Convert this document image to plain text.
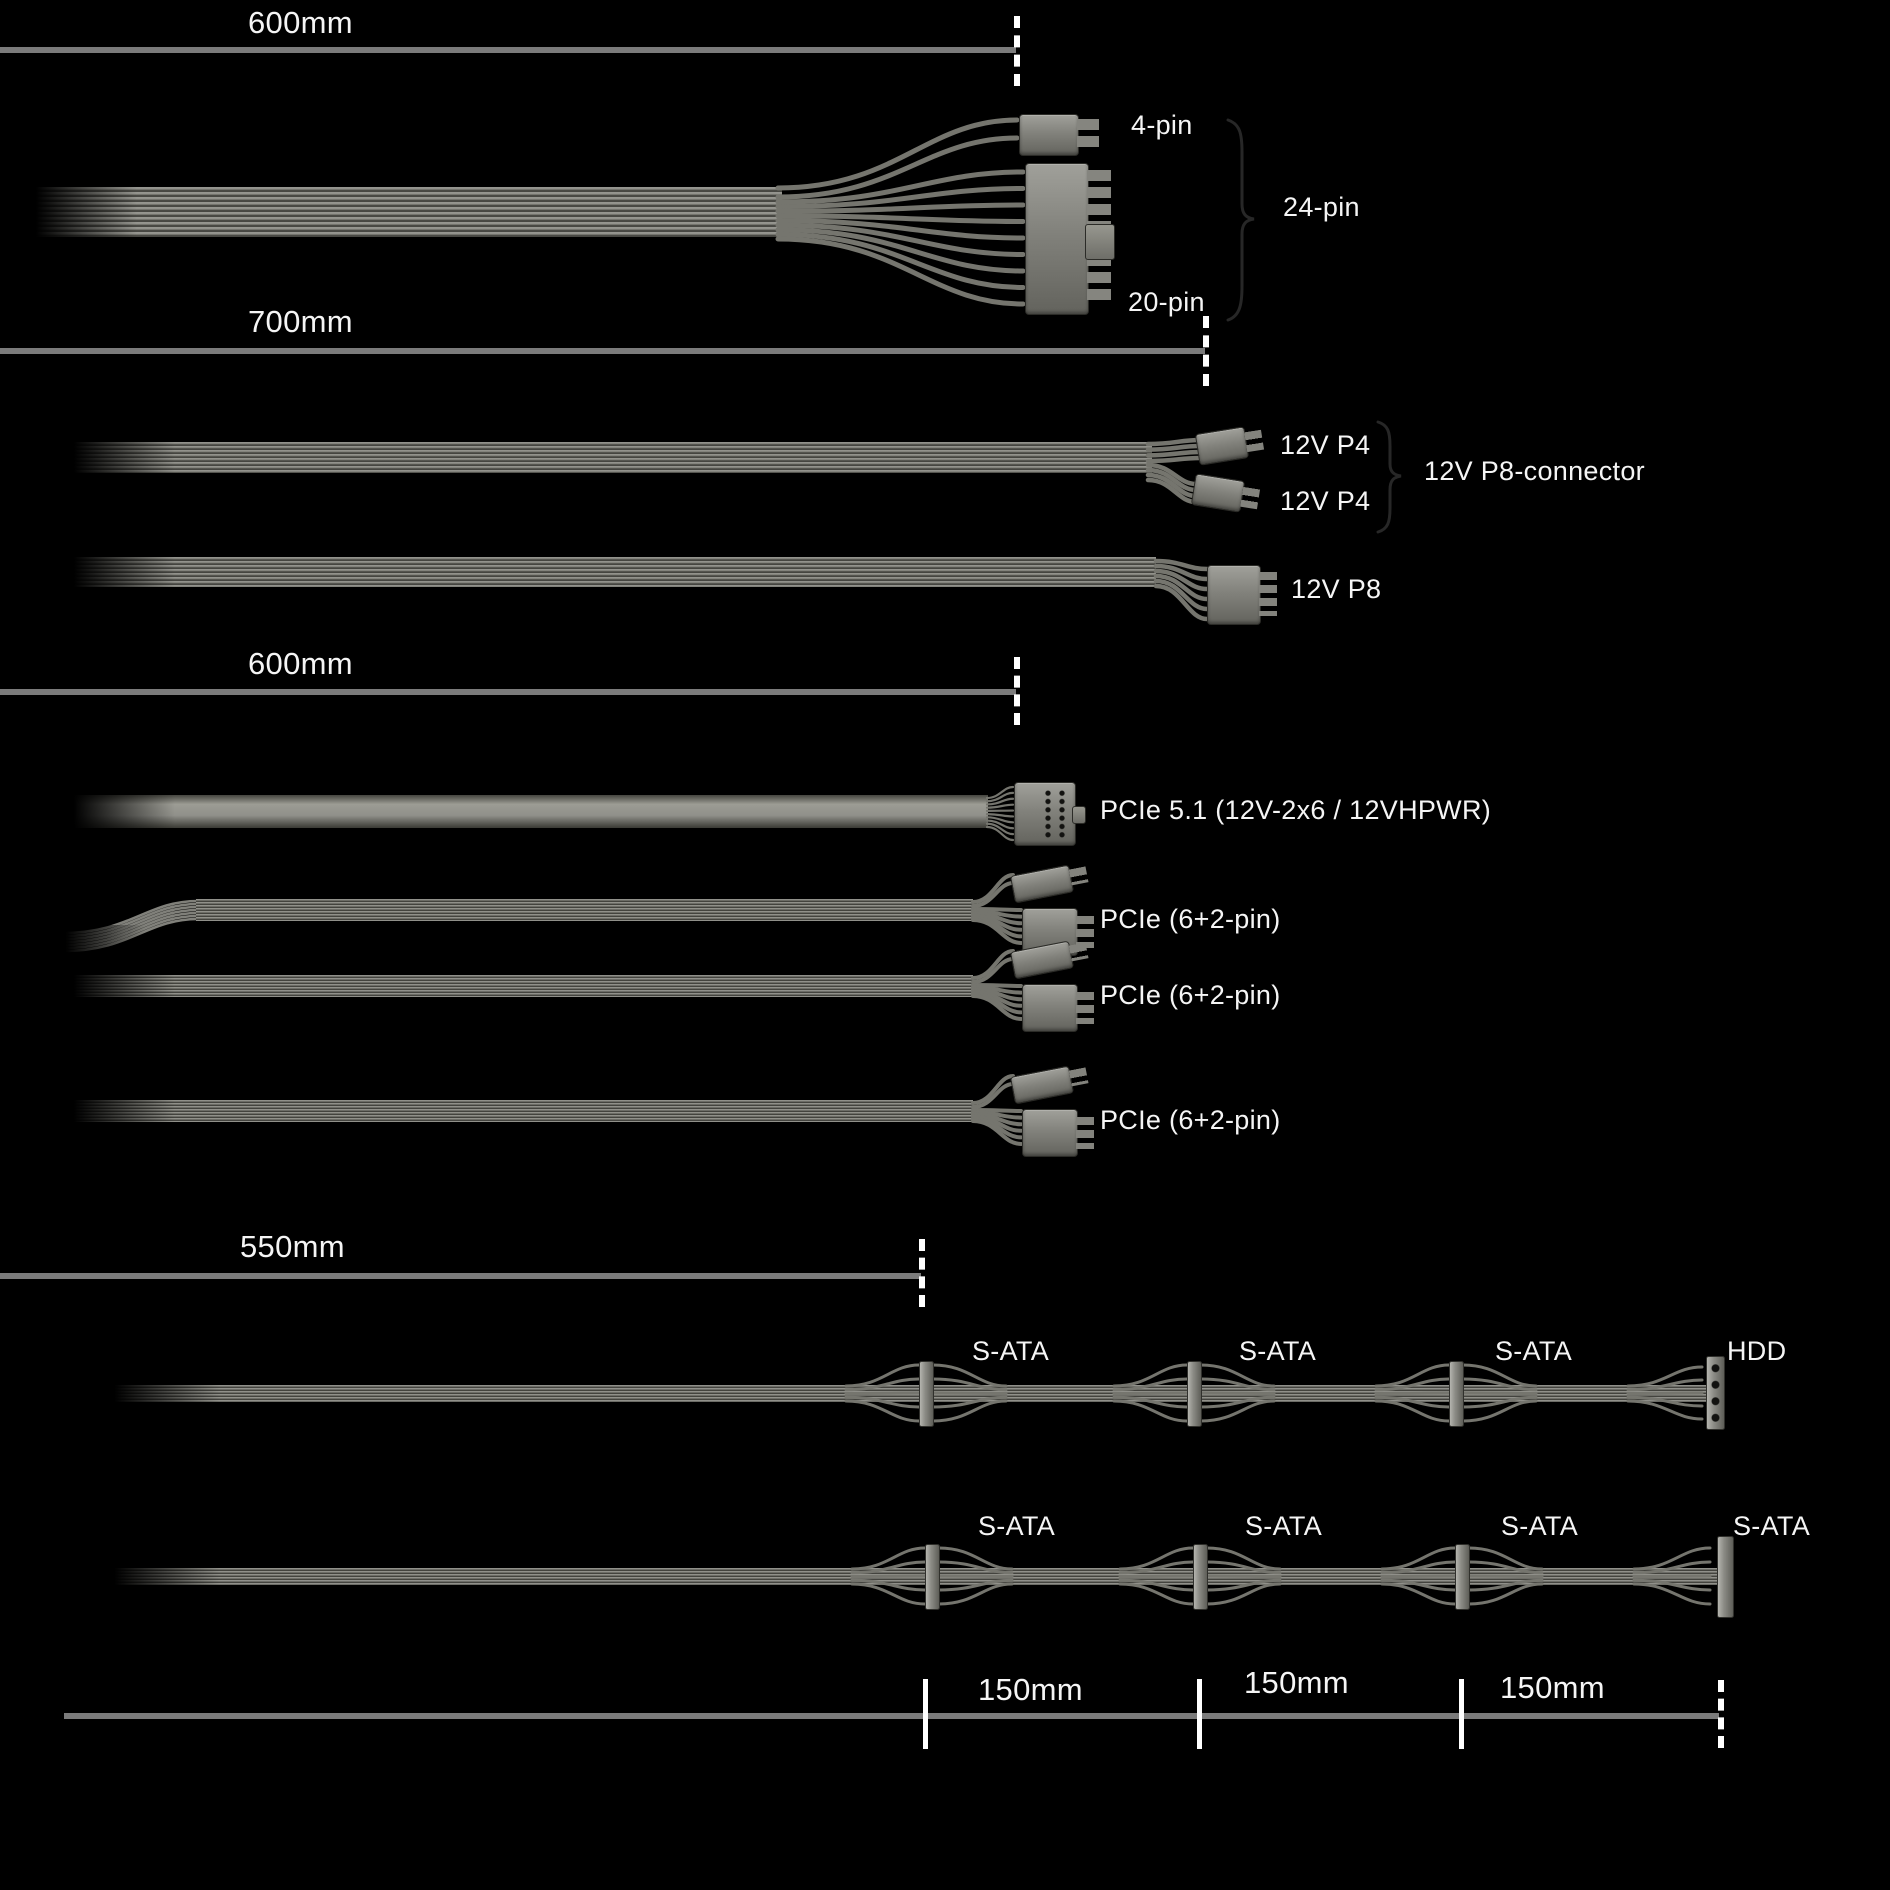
600mm
4-pin
24-pin
20-pin
700mm
12V P4
12V P4
12V P8-connector
12V P8
600mm
PCIe 5.1 (12V-2x6 / 12VHPWR)
PCIe (6+2-pin)
PCIe (6+2-pin)
PCIe (6+2-pin)
550mm
S-ATA	S-ATA	S-ATA	HDD
S-ATA	S-ATA	S-ATA	S-ATA
150mm	150mm	150mm
